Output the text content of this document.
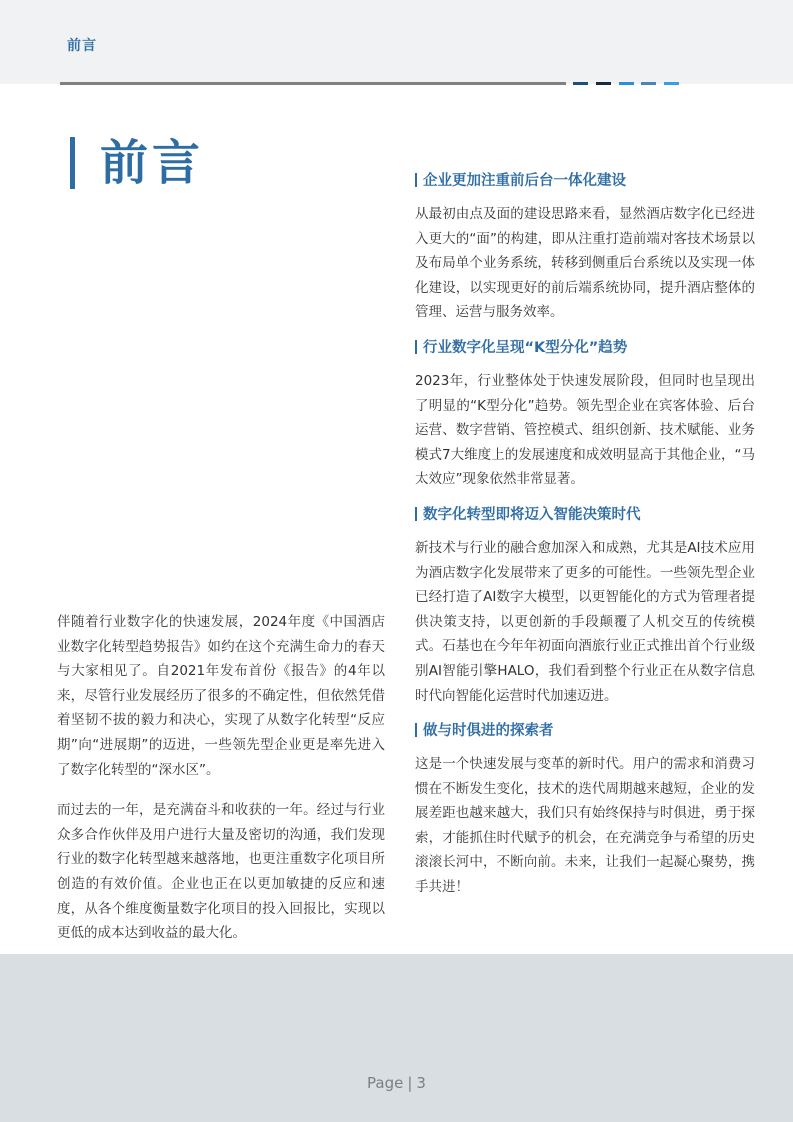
前言
前言

伴随着行业数字化的快速发展，2024年度《中国酒店业数字化转型趋势报告》如约在这个充满生命力的春天与大家相见了。自2021年发布首份《报告》的4年以来，尽管行业发展经历了很多的不确定性，但依然凭借着坚韧不拔的毅力和决心，实现了从数字化转型“反应期”向“进展期”的迈进，一些领先型企业更是率先进入了数字化转型的“深水区”。

而过去的一年，是充满奋斗和收获的一年。经过与行业众多合作伙伴及用户进行大量及密切的沟通，我们发现行业的数字化转型越来越落地，也更注重数字化项目所创造的有效价值。企业也正在以更加敏捷的反应和速度，从各个维度衡量数字化项目的投入回报比，实现以更低的成本达到收益的最大化。

企业更加注重前后台一体化建设

从最初由点及面的建设思路来看，显然酒店数字化已经进入更大的“面”的构建，即从注重打造前端对客技术场景以及布局单个业务系统，转移到侧重后台系统以及实现一体化建设，以实现更好的前后端系统协同，提升酒店整体的管理、运营与服务效率。

行业数字化呈现“K型分化”趋势

2023年，行业整体处于快速发展阶段，但同时也呈现出了明显的“K型分化”趋势。领先型企业在宾客体验、后台运营、数字营销、管控模式、组织创新、技术赋能、业务模式7大维度上的发展速度和成效明显高于其他企业，“马太效应”现象依然非常显著。

数字化转型即将迈入智能决策时代

新技术与行业的融合愈加深入和成熟，尤其是AI技术应用为酒店数字化发展带来了更多的可能性。一些领先型企业已经打造了AI数字大模型，以更智能化的方式为管理者提供决策支持，以更创新的手段颠覆了人机交互的传统模式。石基也在今年年初面向酒旅行业正式推出首个行业级别AI智能引擎HALO，我们看到整个行业正在从数字信息时代向智能化运营时代加速迈进。

做与时俱进的探索者

这是一个快速发展与变革的新时代。用户的需求和消费习惯在不断发生变化，技术的迭代周期越来越短，企业的发展差距也越来越大，我们只有始终保持与时俱进，勇于探索，才能抓住时代赋予的机会，在充满竞争与希望的历史滚滚长河中，不断向前。未来，让我们一起凝心聚势，携手共进！

Page | 3
